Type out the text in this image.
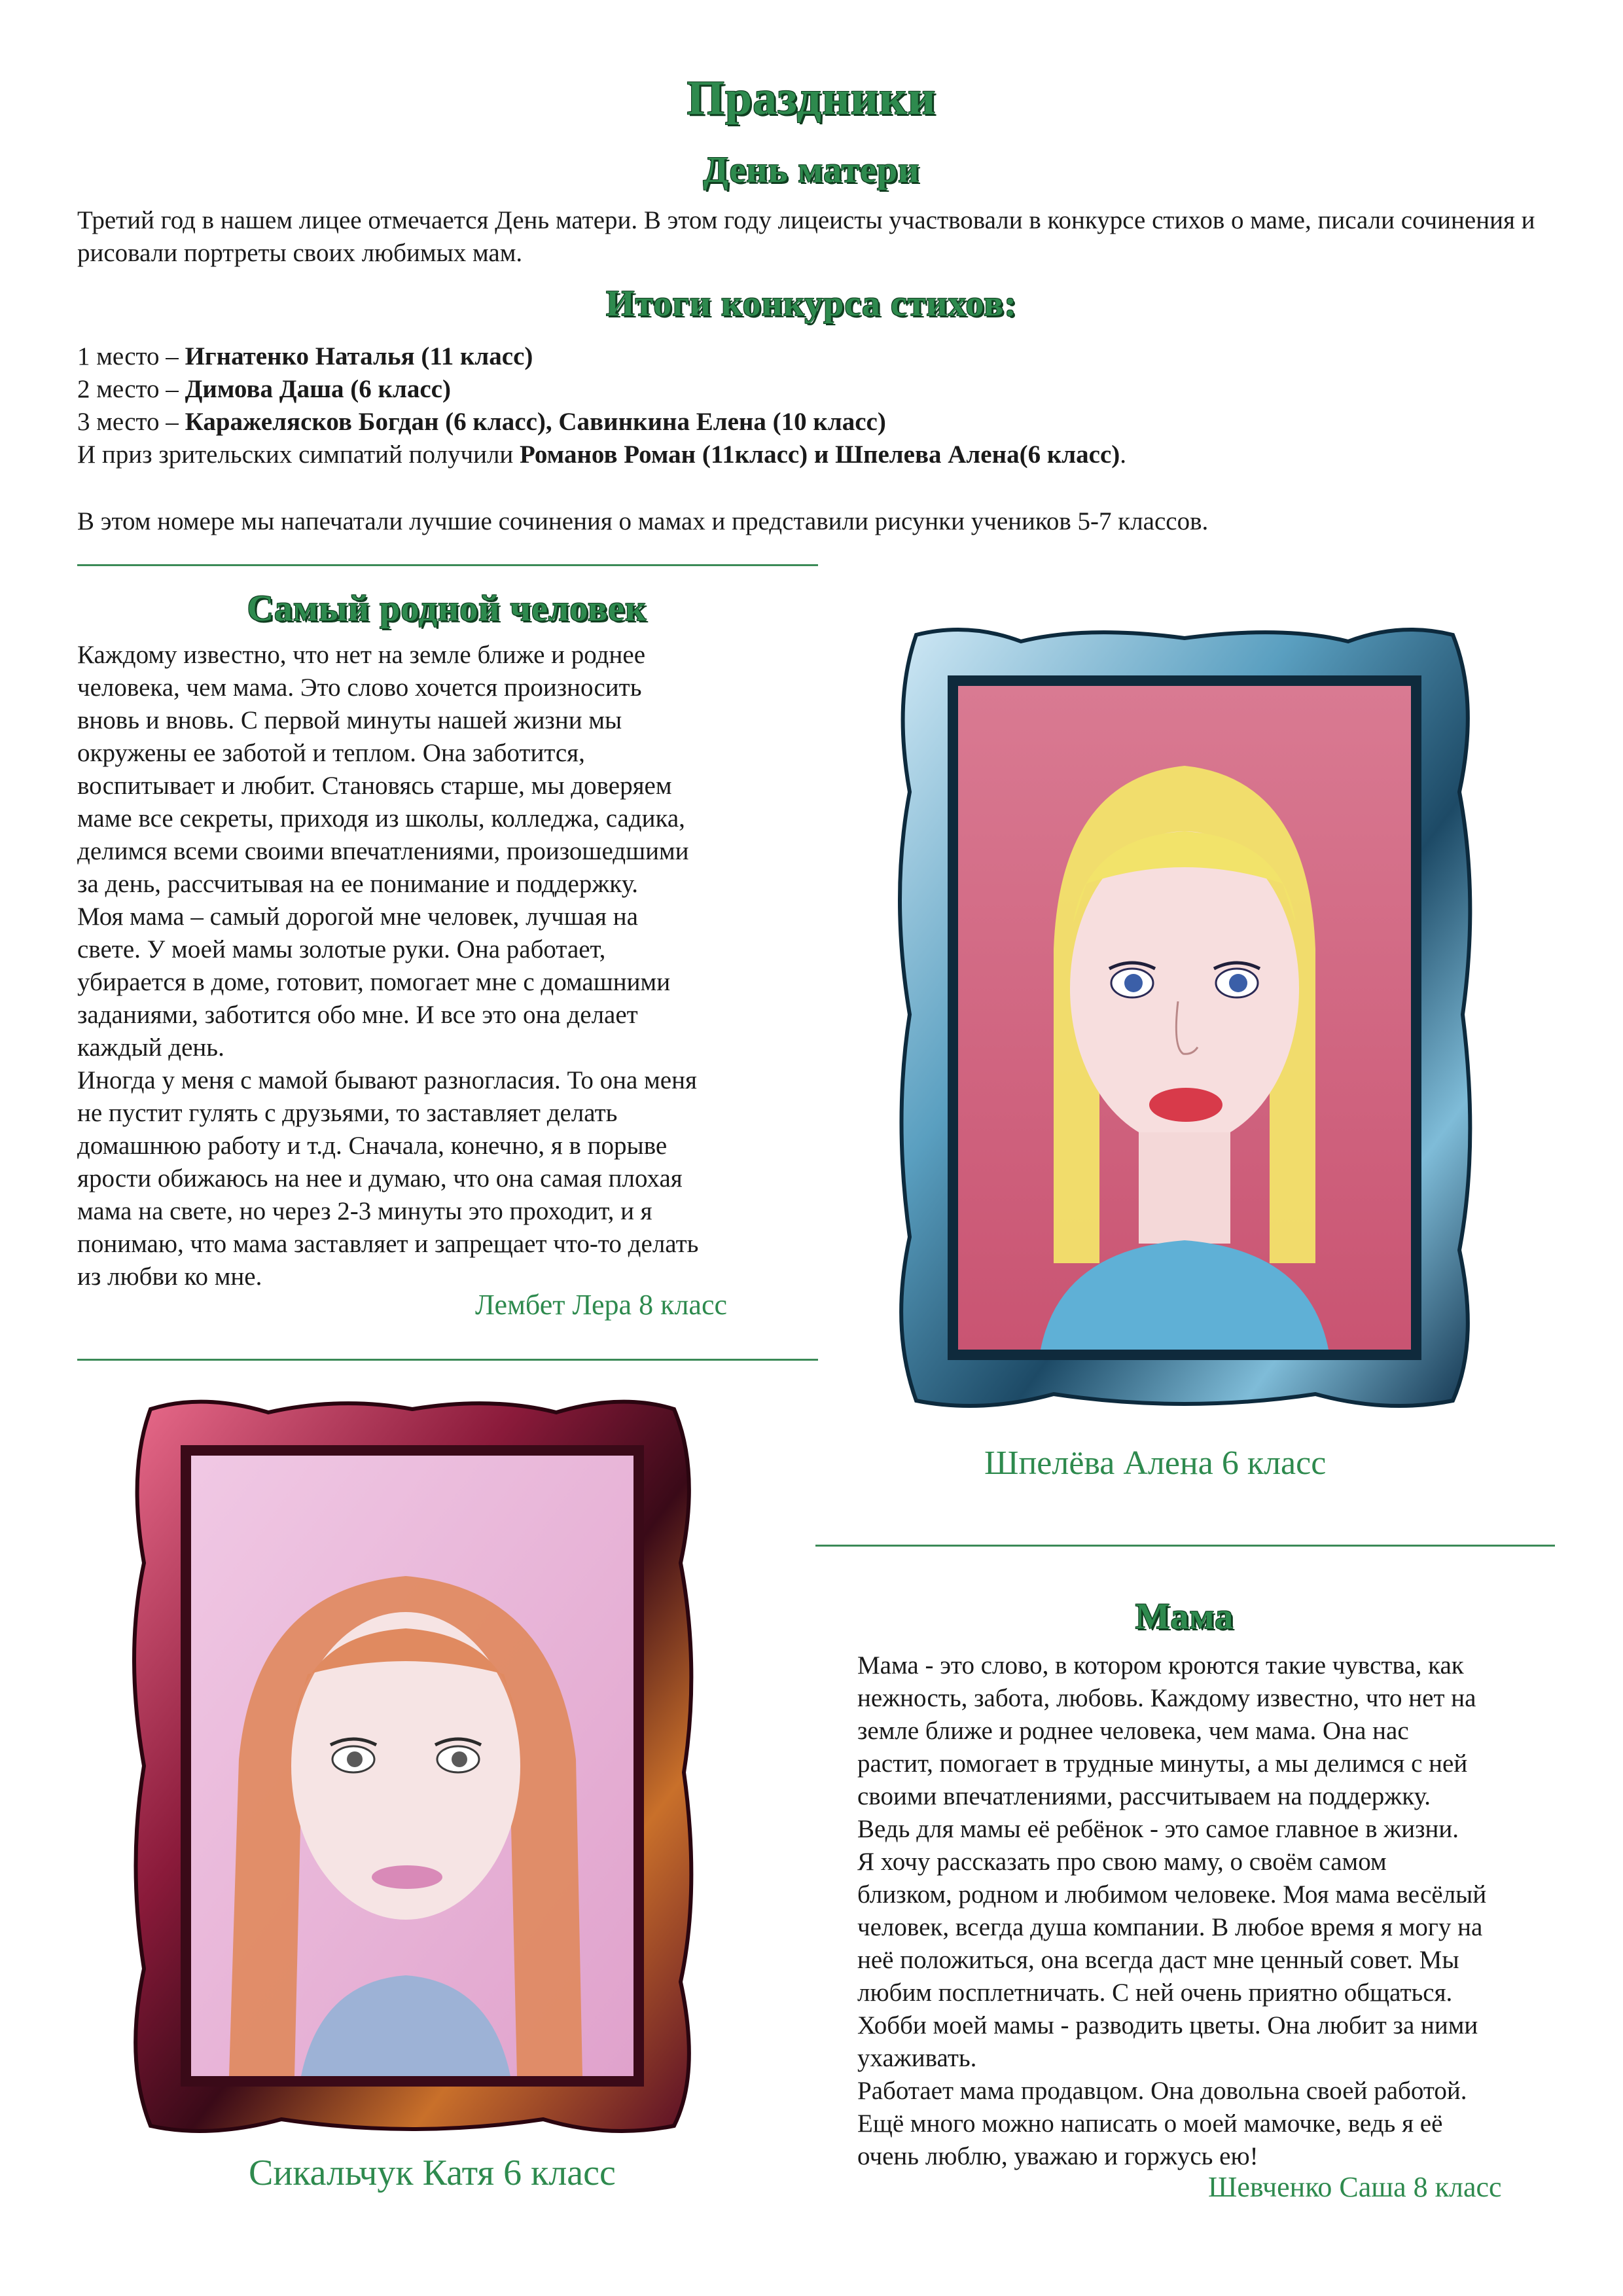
Праздники
День матери
Третий год в нашем лицее отмечается День матери. В этом году лицеисты участвовали в конкурсе стихов о маме, писали сочинения и рисовали портреты своих любимых мам.
Итоги конкурса стихов:
1 место – Игнатенко Наталья (11 класс)
2 место – Димова Даша (6 класс)
3 место – Каражелясков Богдан (6 класс), Савинкина Елена (10 класс)
И приз зрительских симпатий получили Романов Роман (11класс) и Шпелева Алена(6 класс).
В этом номере мы напечатали лучшие сочинения о мамах и представили рисунки учеников 5-7 классов.
Самый родной человек
Каждому известно, что нет на земле ближе и роднее
человека, чем мама. Это слово хочется произносить
вновь и вновь. С первой минуты нашей жизни мы
окружены ее заботой и теплом. Она заботится,
воспитывает и любит. Становясь старше, мы доверяем
маме все секреты, приходя из школы, колледжа, садика,
делимся всеми своими впечатлениями, произошедшими
за день, рассчитывая на ее понимание и поддержку.
Моя мама – самый дорогой мне человек, лучшая на
свете. У моей мамы золотые руки. Она работает,
убирается в доме, готовит, помогает мне с домашними
заданиями, заботится обо мне. И все это она делает
каждый день.
Иногда у меня с мамой бывают разногласия. То она меня
не пустит гулять с друзьями, то заставляет делать
домашнюю работу и т.д. Сначала, конечно, я в порыве
ярости обижаюсь на нее и думаю, что она самая плохая
мама на свете, но через 2-3 минуты это проходит, и я
понимаю, что мама заставляет и запрещает что-то делать
из любви ко мне.
Лембет Лера 8 класс
Шпелёва Алена 6 класс
Сикальчук Катя 6 класс
Мама
Мама - это слово, в котором кроются такие чувства, как
нежность, забота, любовь. Каждому известно, что нет на
земле ближе и роднее человека, чем мама. Она нас
растит, помогает в трудные минуты, а мы делимся с ней
своими впечатлениями, рассчитываем на поддержку.
Ведь для мамы её ребёнок - это самое главное в жизни.
Я хочу рассказать про свою маму, о своём самом
близком, родном и любимом человеке. Моя мама весёлый
человек, всегда душа компании. В любое время я могу на
неё положиться, она всегда даст мне ценный совет. Мы
любим посплетничать. С ней очень приятно общаться.
Хобби моей мамы - разводить цветы. Она любит за ними
ухаживать.
Работает мама продавцом. Она довольна своей работой.
Ещё много можно написать о моей мамочке, ведь я её
очень люблю, уважаю и горжусь ею!
Шевченко Саша 8 класс
